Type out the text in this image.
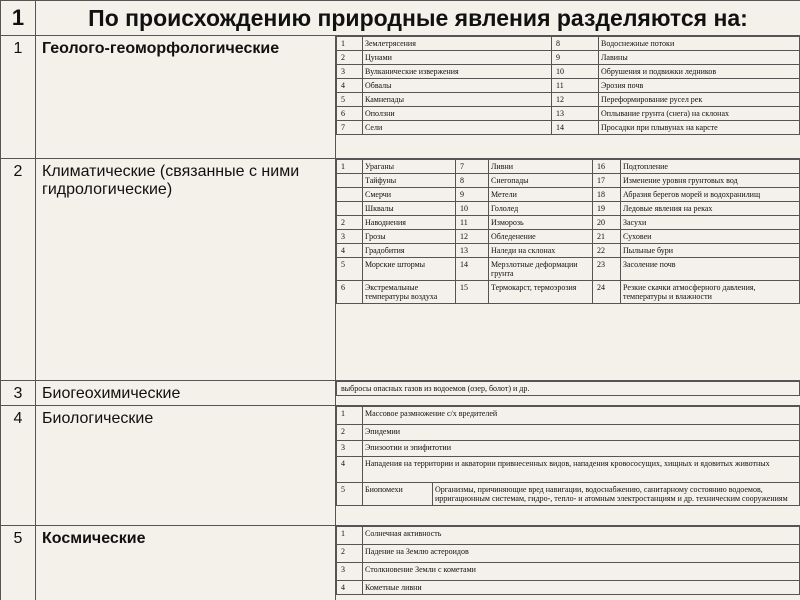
1	По происхождению природные явления разделяются на:
1	Геолого-геоморфологические		1	Землетрясения	8	Водоснежные потоки
2	Цунами	9	Лавины
3	Вулканические извержения	10	Обрушения и подвижки ледников
4	Обвалы	11	Эрозия почв
5	Камнепады	12	Переформирование русел рек
6	Оползни	13	Оплывание грунта (снега) на склонах
7	Сели	14	Просадки при плывунах на карсте

2	Климатические (связанные с ними гидрологические)	
1	Ураганы	7	Ливни	16	Подтопление
	Тайфуны	8	Снегопады	17	Изменение уровня грунтовых вод
	Смерчи	9	Метели	18	Абразия берегов морей и водохранилищ
	Шквалы	10	Гололед	19	Ледовые явления на реках
2	Наводнения	11	Изморозь	20	Засухи
3	Грозы	12	Обледенение	21	Суховеи
4	Градобития	13	Наледи на склонах	22	Пыльные бури
5	Морские штормы	14	Мерзлотные деформации грунта	23	Засоление почв
6	Экстремальные температуры воздуха	15	Термокарст, термоэрозия	24	Резкие скачки атмосферного давления, температуры и влажности

3	Биогеохимические		выбросы опасных газов из водоемов (озер, болот) и др.

4	Биологические		1	Массовое размножение с/х вредителей
2	Эпидемии
3	Эпизоотии и эпифитотии
4	Нападения на территории и акватории привнесенных видов, нападения кровососущих, хищных и ядовитых животных
5	Биопомехи	Организмы, причиняющие вред навигации, водоснабжению, санитарному состоянию водоемов, ирригационным системам, гидро-, тепло- и атомным электростанциям и др. техническим сооружениям

5	Космические		1	Солнечная активность
2	Падение на Землю астероидов
3	Столкновение Земли с кометами
4	Кометные ливни
